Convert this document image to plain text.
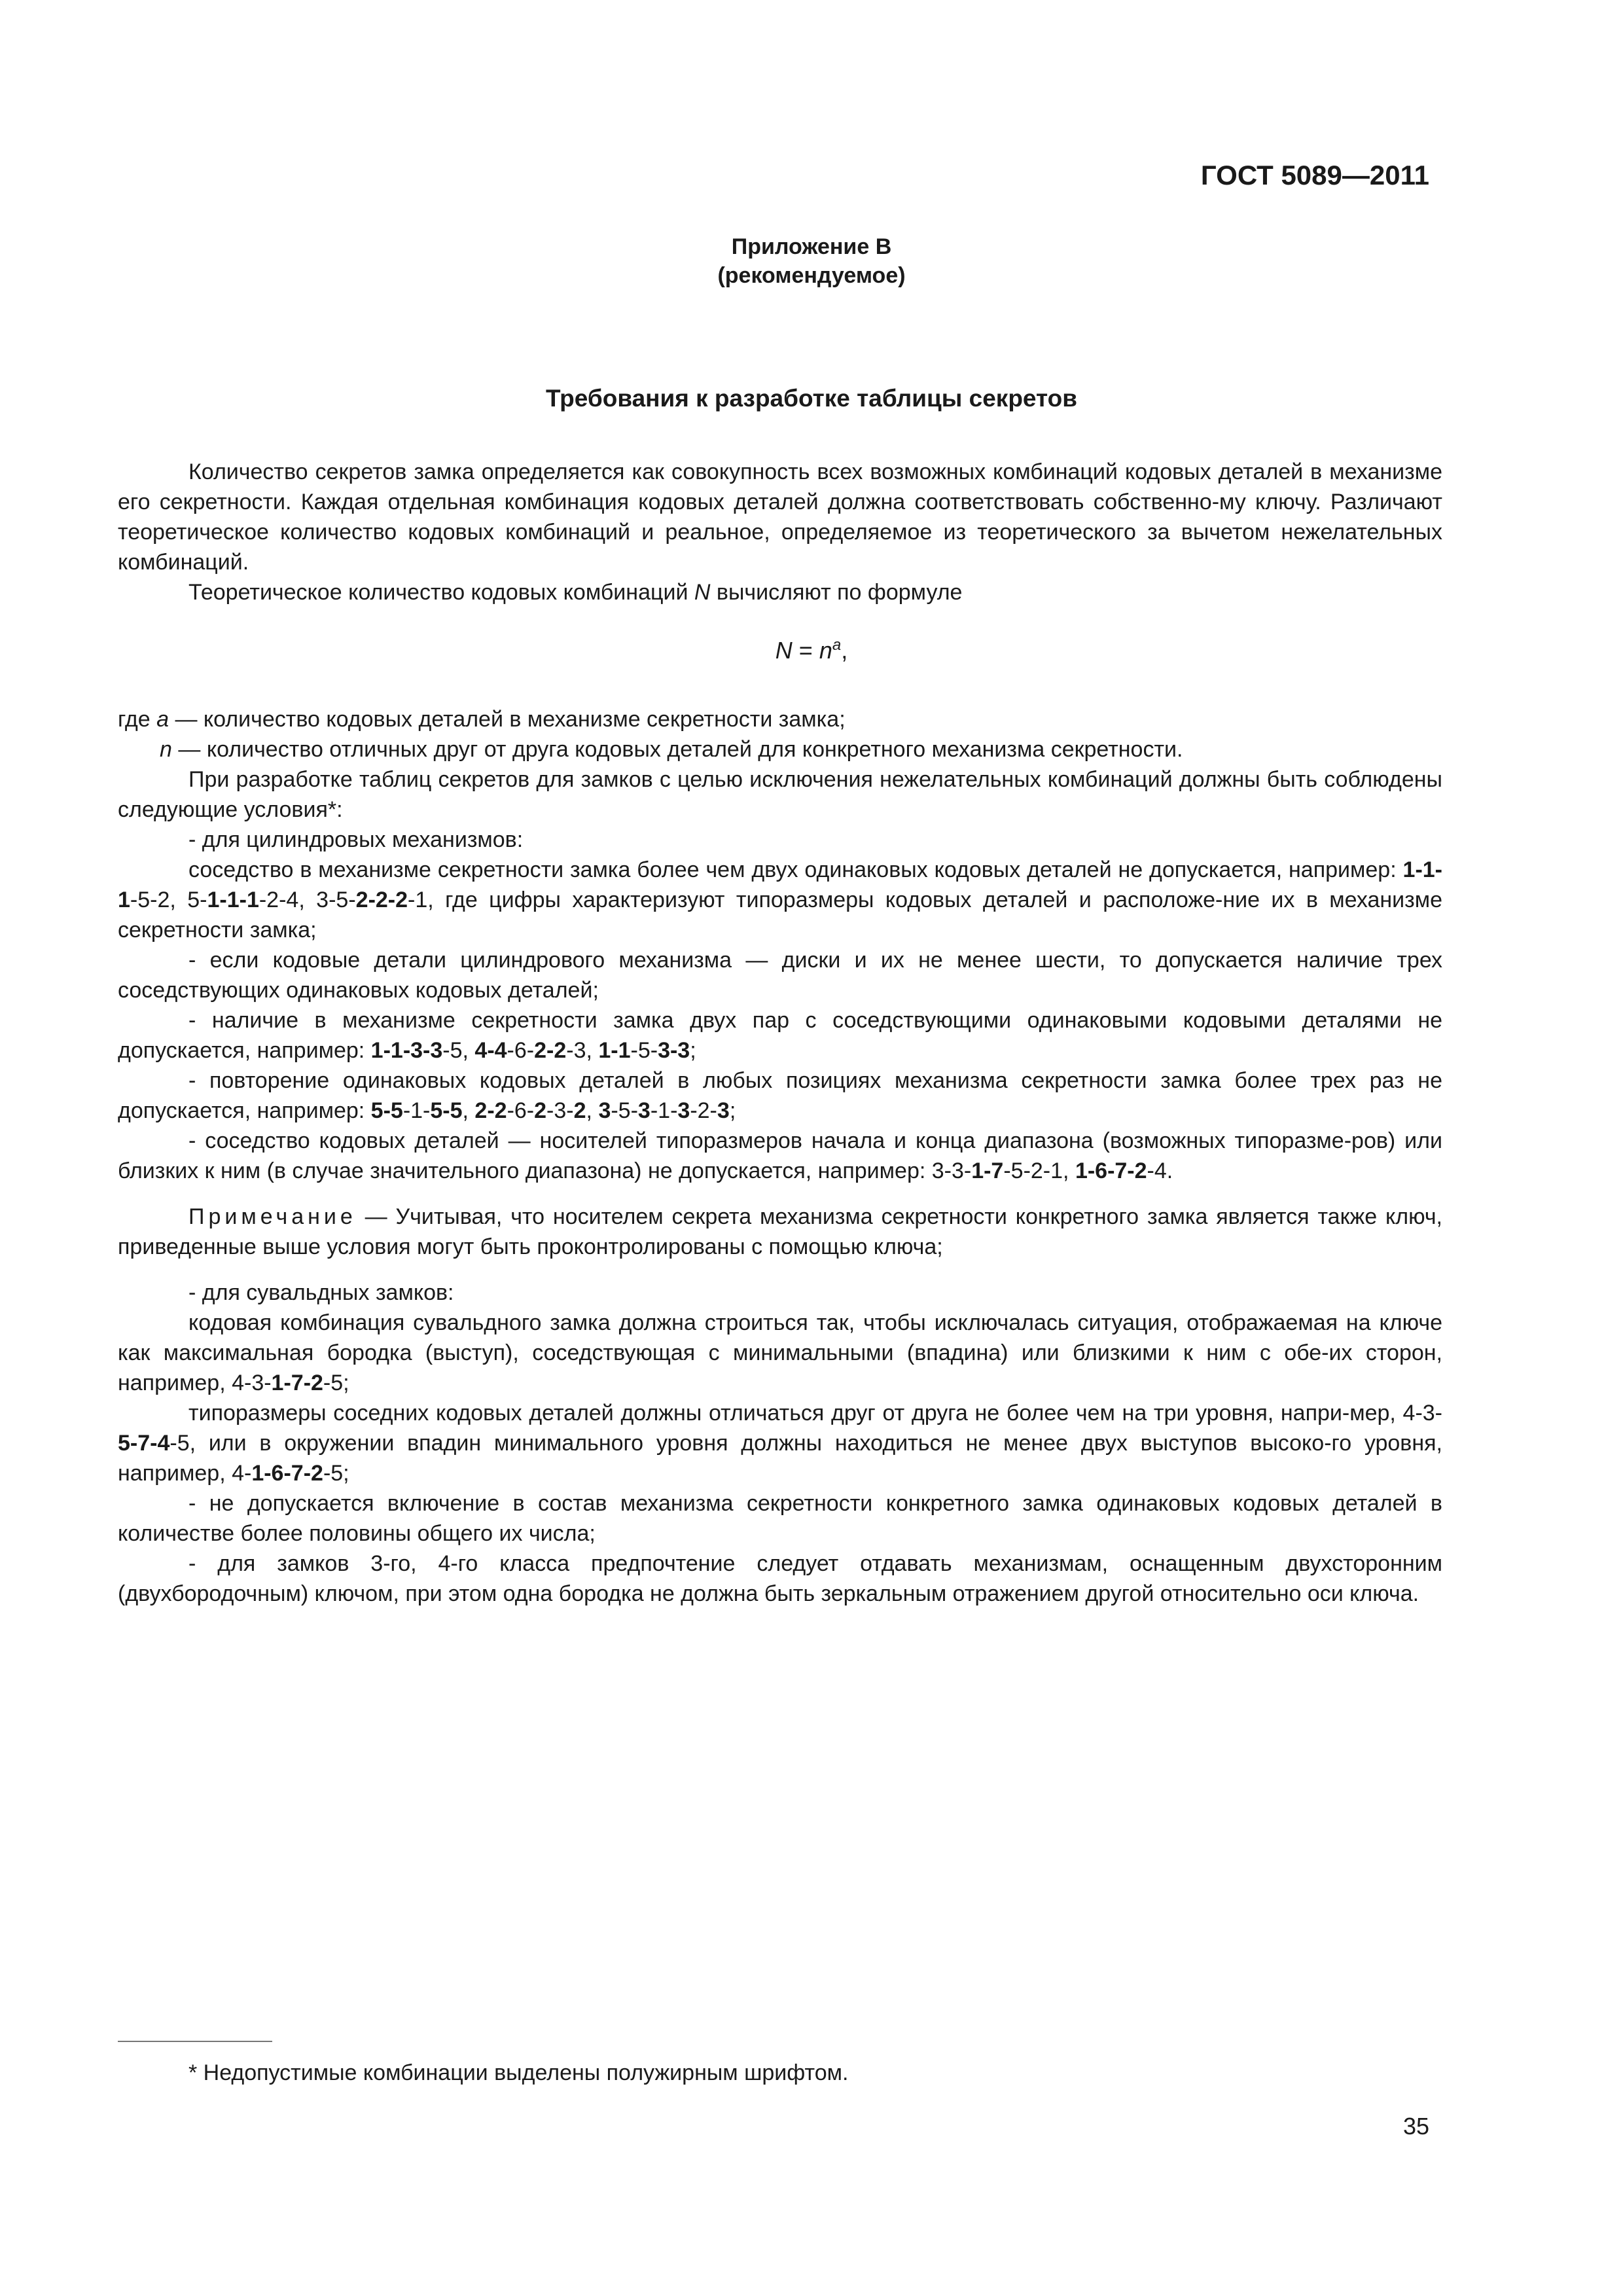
ГОСТ 5089—2011
Приложение В
(рекомендуемое)
Требования к разработке таблицы секретов

Количество секретов замка определяется как совокупность всех возможных комбинаций кодовых деталей в механизме его секретности. Каждая отдельная комбинация кодовых деталей должна соответствовать собственно-му ключу. Различают теоретическое количество кодовых комбинаций и реальное, определяемое из теоретического за вычетом нежелательных комбинаций.

Теоретическое количество кодовых комбинаций N вычисляют по формуле

$N = n^a$,

где a — количество кодовых деталей в механизме секретности замка;

n — количество отличных друг от друга кодовых деталей для конкретного механизма секретности.

При разработке таблиц секретов для замков с целью исключения нежелательных комбинаций должны быть соблюдены следующие условия*:

- для цилиндровых механизмов:

соседство в механизме секретности замка более чем двух одинаковых кодовых деталей не допускается, например: 1-1-1-5-2, 5-1-1-1-2-4, 3-5-2-2-2-1, где цифры характеризуют типоразмеры кодовых деталей и расположе-ние их в механизме секретности замка;

- если кодовые детали цилиндрового механизма — диски и их не менее шести, то допускается наличие трех соседствующих одинаковых кодовых деталей;

- наличие в механизме секретности замка двух пар с соседствующими одинаковыми кодовыми деталями не допускается, например: 1-1-3-3-5, 4-4-6-2-2-3, 1-1-5-3-3;

- повторение одинаковых кодовых деталей в любых позициях механизма секретности замка более трех раз не допускается, например: 5-5-1-5-5, 2-2-6-2-3-2, 3-5-3-1-3-2-3;

- соседство кодовых деталей — носителей типоразмеров начала и конца диапазона (возможных типоразме-ров) или близких к ним (в случае значительного диапазона) не допускается, например: 3-3-1-7-5-2-1, 1-6-7-2-4.

Примечание — Учитывая, что носителем секрета механизма секретности конкретного замка является также ключ, приведенные выше условия могут быть проконтролированы с помощью ключа;

- для сувальдных замков:

кодовая комбинация сувальдного замка должна строиться так, чтобы исключалась ситуация, отображаемая на ключе как максимальная бородка (выступ), соседствующая с минимальными (впадина) или близкими к ним с обе-их сторон, например, 4-3-1-7-2-5;

типоразмеры соседних кодовых деталей должны отличаться друг от друга не более чем на три уровня, напри-мер, 4-3-5-7-4-5, или в окружении впадин минимального уровня должны находиться не менее двух выступов высоко-го уровня, например, 4-1-6-7-2-5;

- не допускается включение в состав механизма секретности конкретного замка одинаковых кодовых деталей в количестве более половины общего их числа;

- для замков 3-го, 4-го класса предпочтение следует отдавать механизмам, оснащенным двухсторонним (двухбородочным) ключом, при этом одна бородка не должна быть зеркальным отражением другой относительно оси ключа.

* Недопустимые комбинации выделены полужирным шрифтом.
35
